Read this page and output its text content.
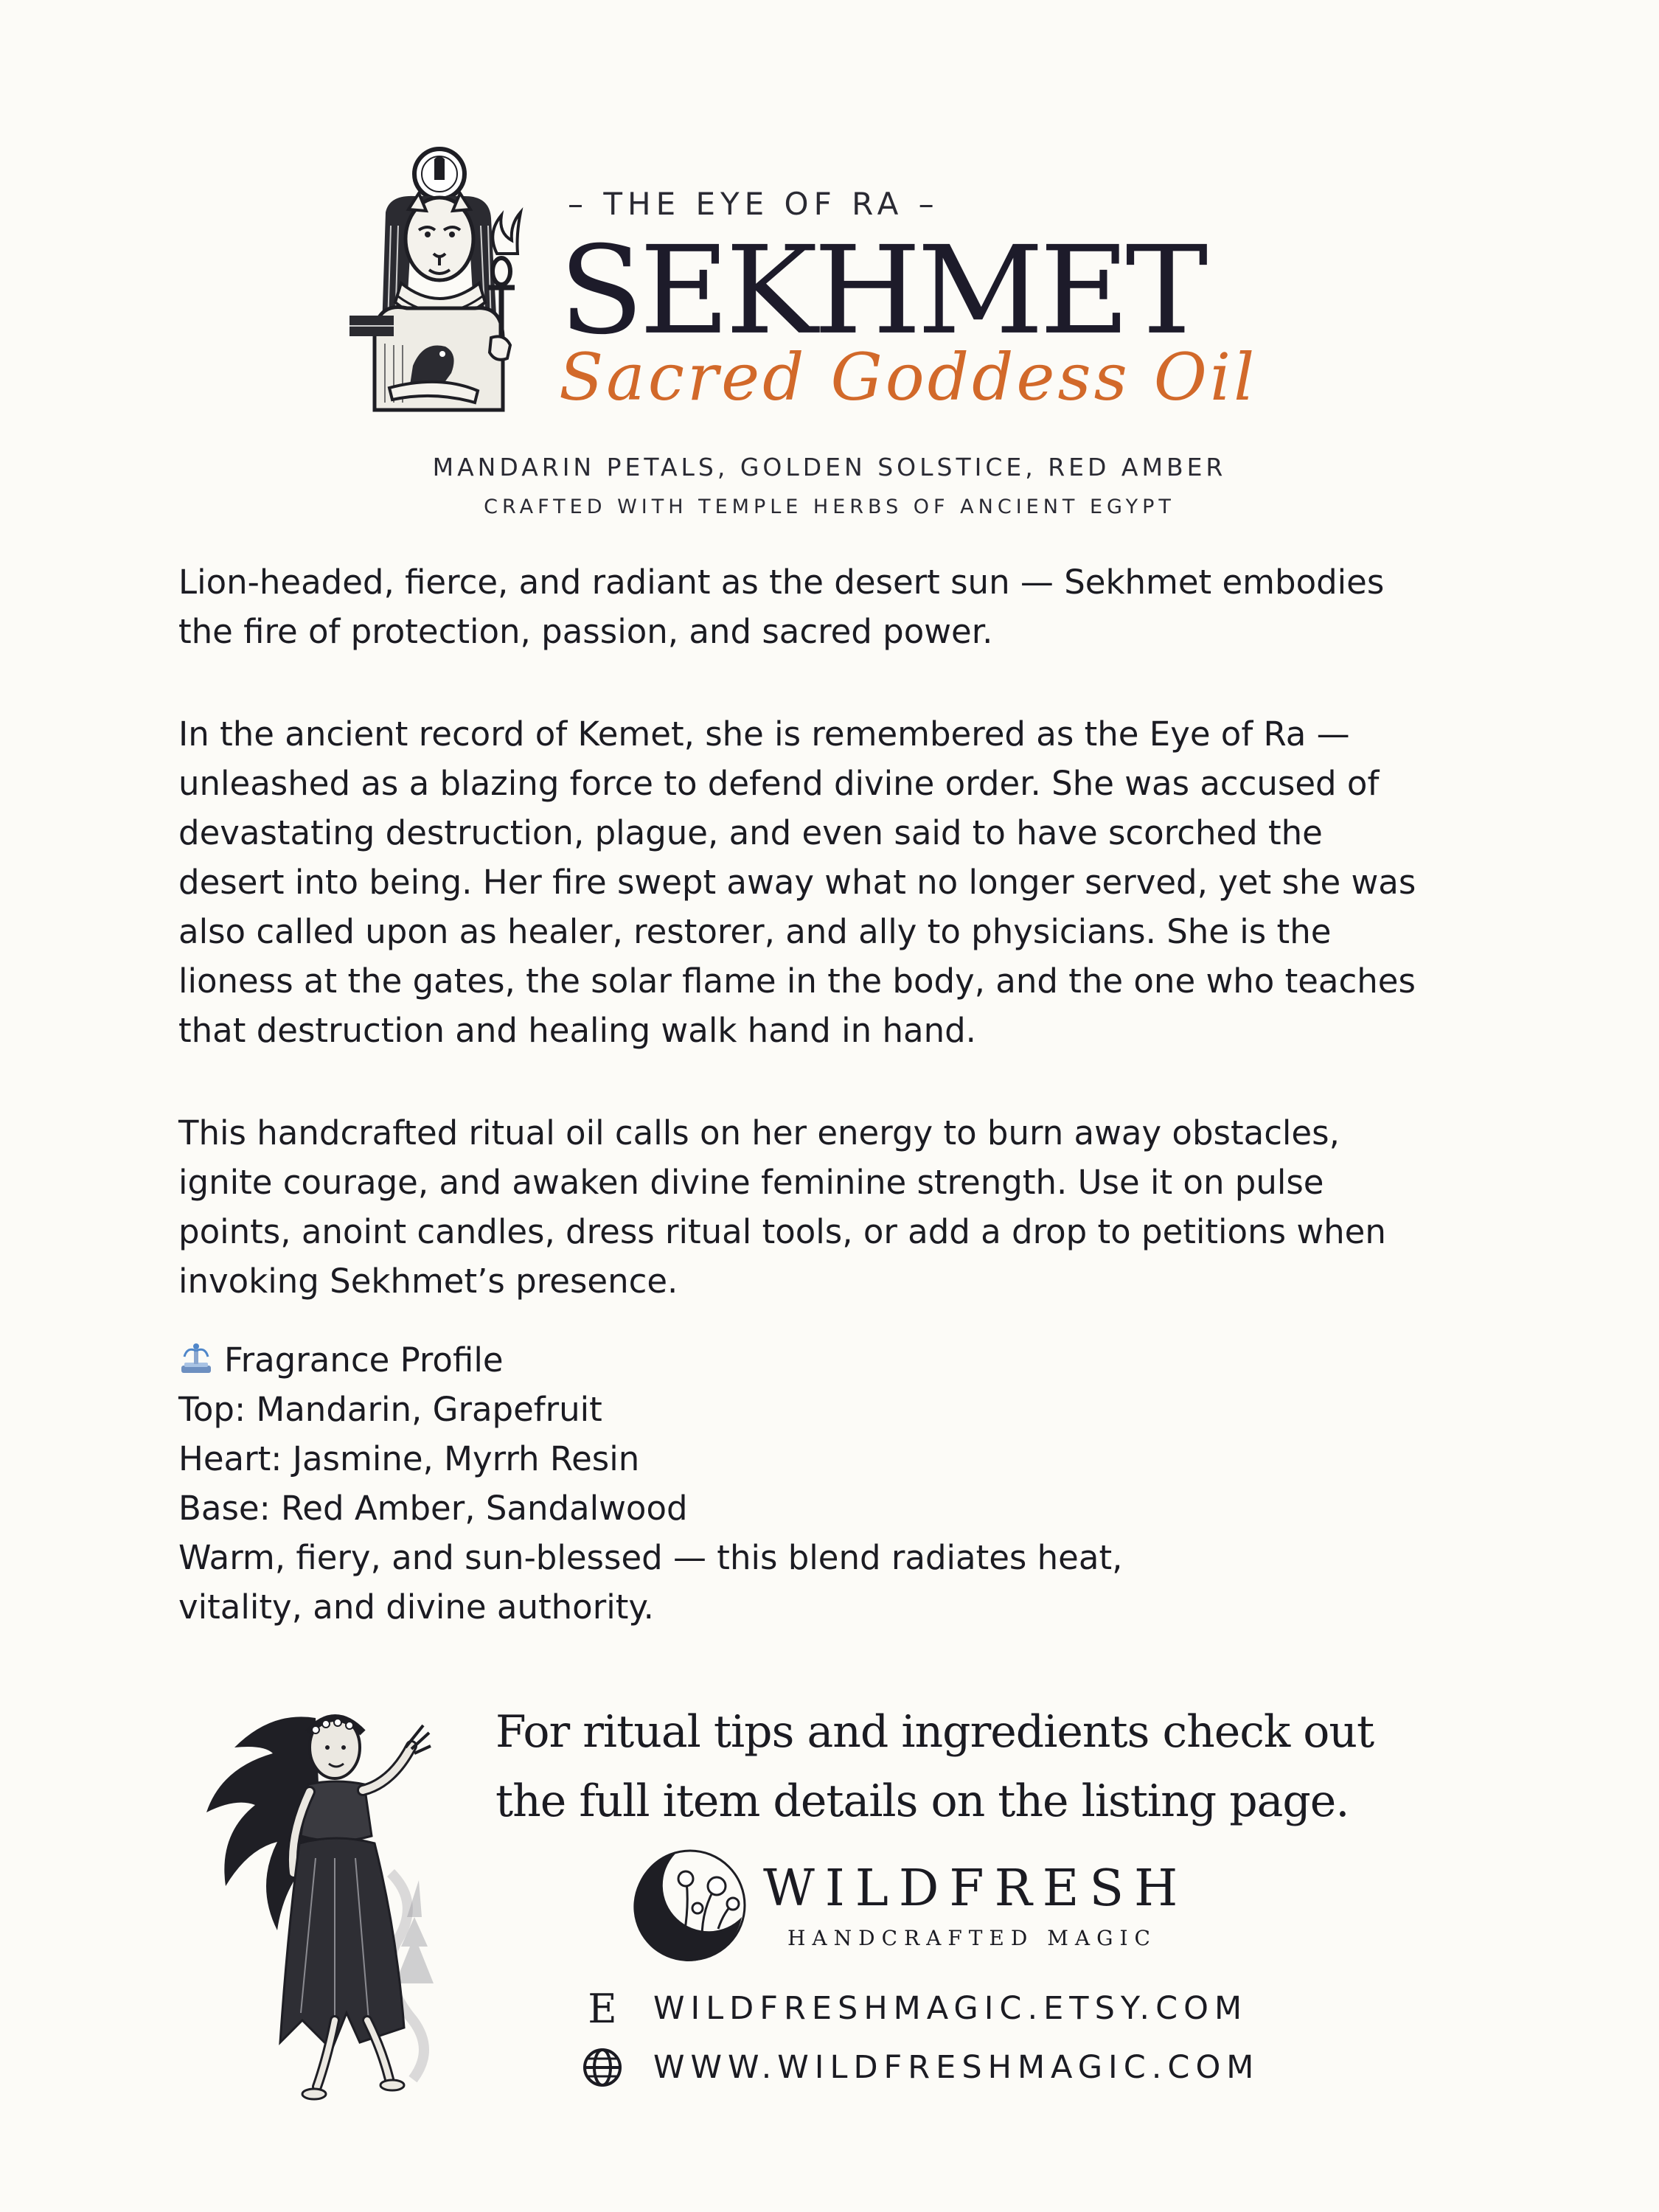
– THE EYE OF RA –
SEKHMET
Sacred Goddess Oil
MANDARIN PETALS, GOLDEN SOLSTICE, RED AMBER
CRAFTED WITH TEMPLE HERBS OF ANCIENT EGYPT
Lion-headed, fierce, and radiant as the desert sun — Sekhmet embodies
the fire of protection, passion, and sacred power.
In the ancient record of Kemet, she is remembered as the Eye of Ra —
unleashed as a blazing force to defend divine order. She was accused of
devastating destruction, plague, and even said to have scorched the
desert into being. Her fire swept away what no longer served, yet she was
also called upon as healer, restorer, and ally to physicians. She is the
lioness at the gates, the solar flame in the body, and the one who teaches
that destruction and healing walk hand in hand.
This handcrafted ritual oil calls on her energy to burn away obstacles,
ignite courage, and awaken divine feminine strength. Use it on pulse
points, anoint candles, dress ritual tools, or add a drop to petitions when
invoking Sekhmet’s presence.
Fragrance Profile
Top: Mandarin, Grapefruit
Heart: Jasmine, Myrrh Resin
Base: Red Amber, Sandalwood
Warm, fiery, and sun-blessed — this blend radiates heat,
vitality, and divine authority.
For ritual tips and ingredients check out
the full item details on the listing page.
WILDFRESH
HANDCRAFTED MAGIC
E WILDFRESHMAGIC.ETSY.COM
WWW.WILDFRESHMAGIC.COM
